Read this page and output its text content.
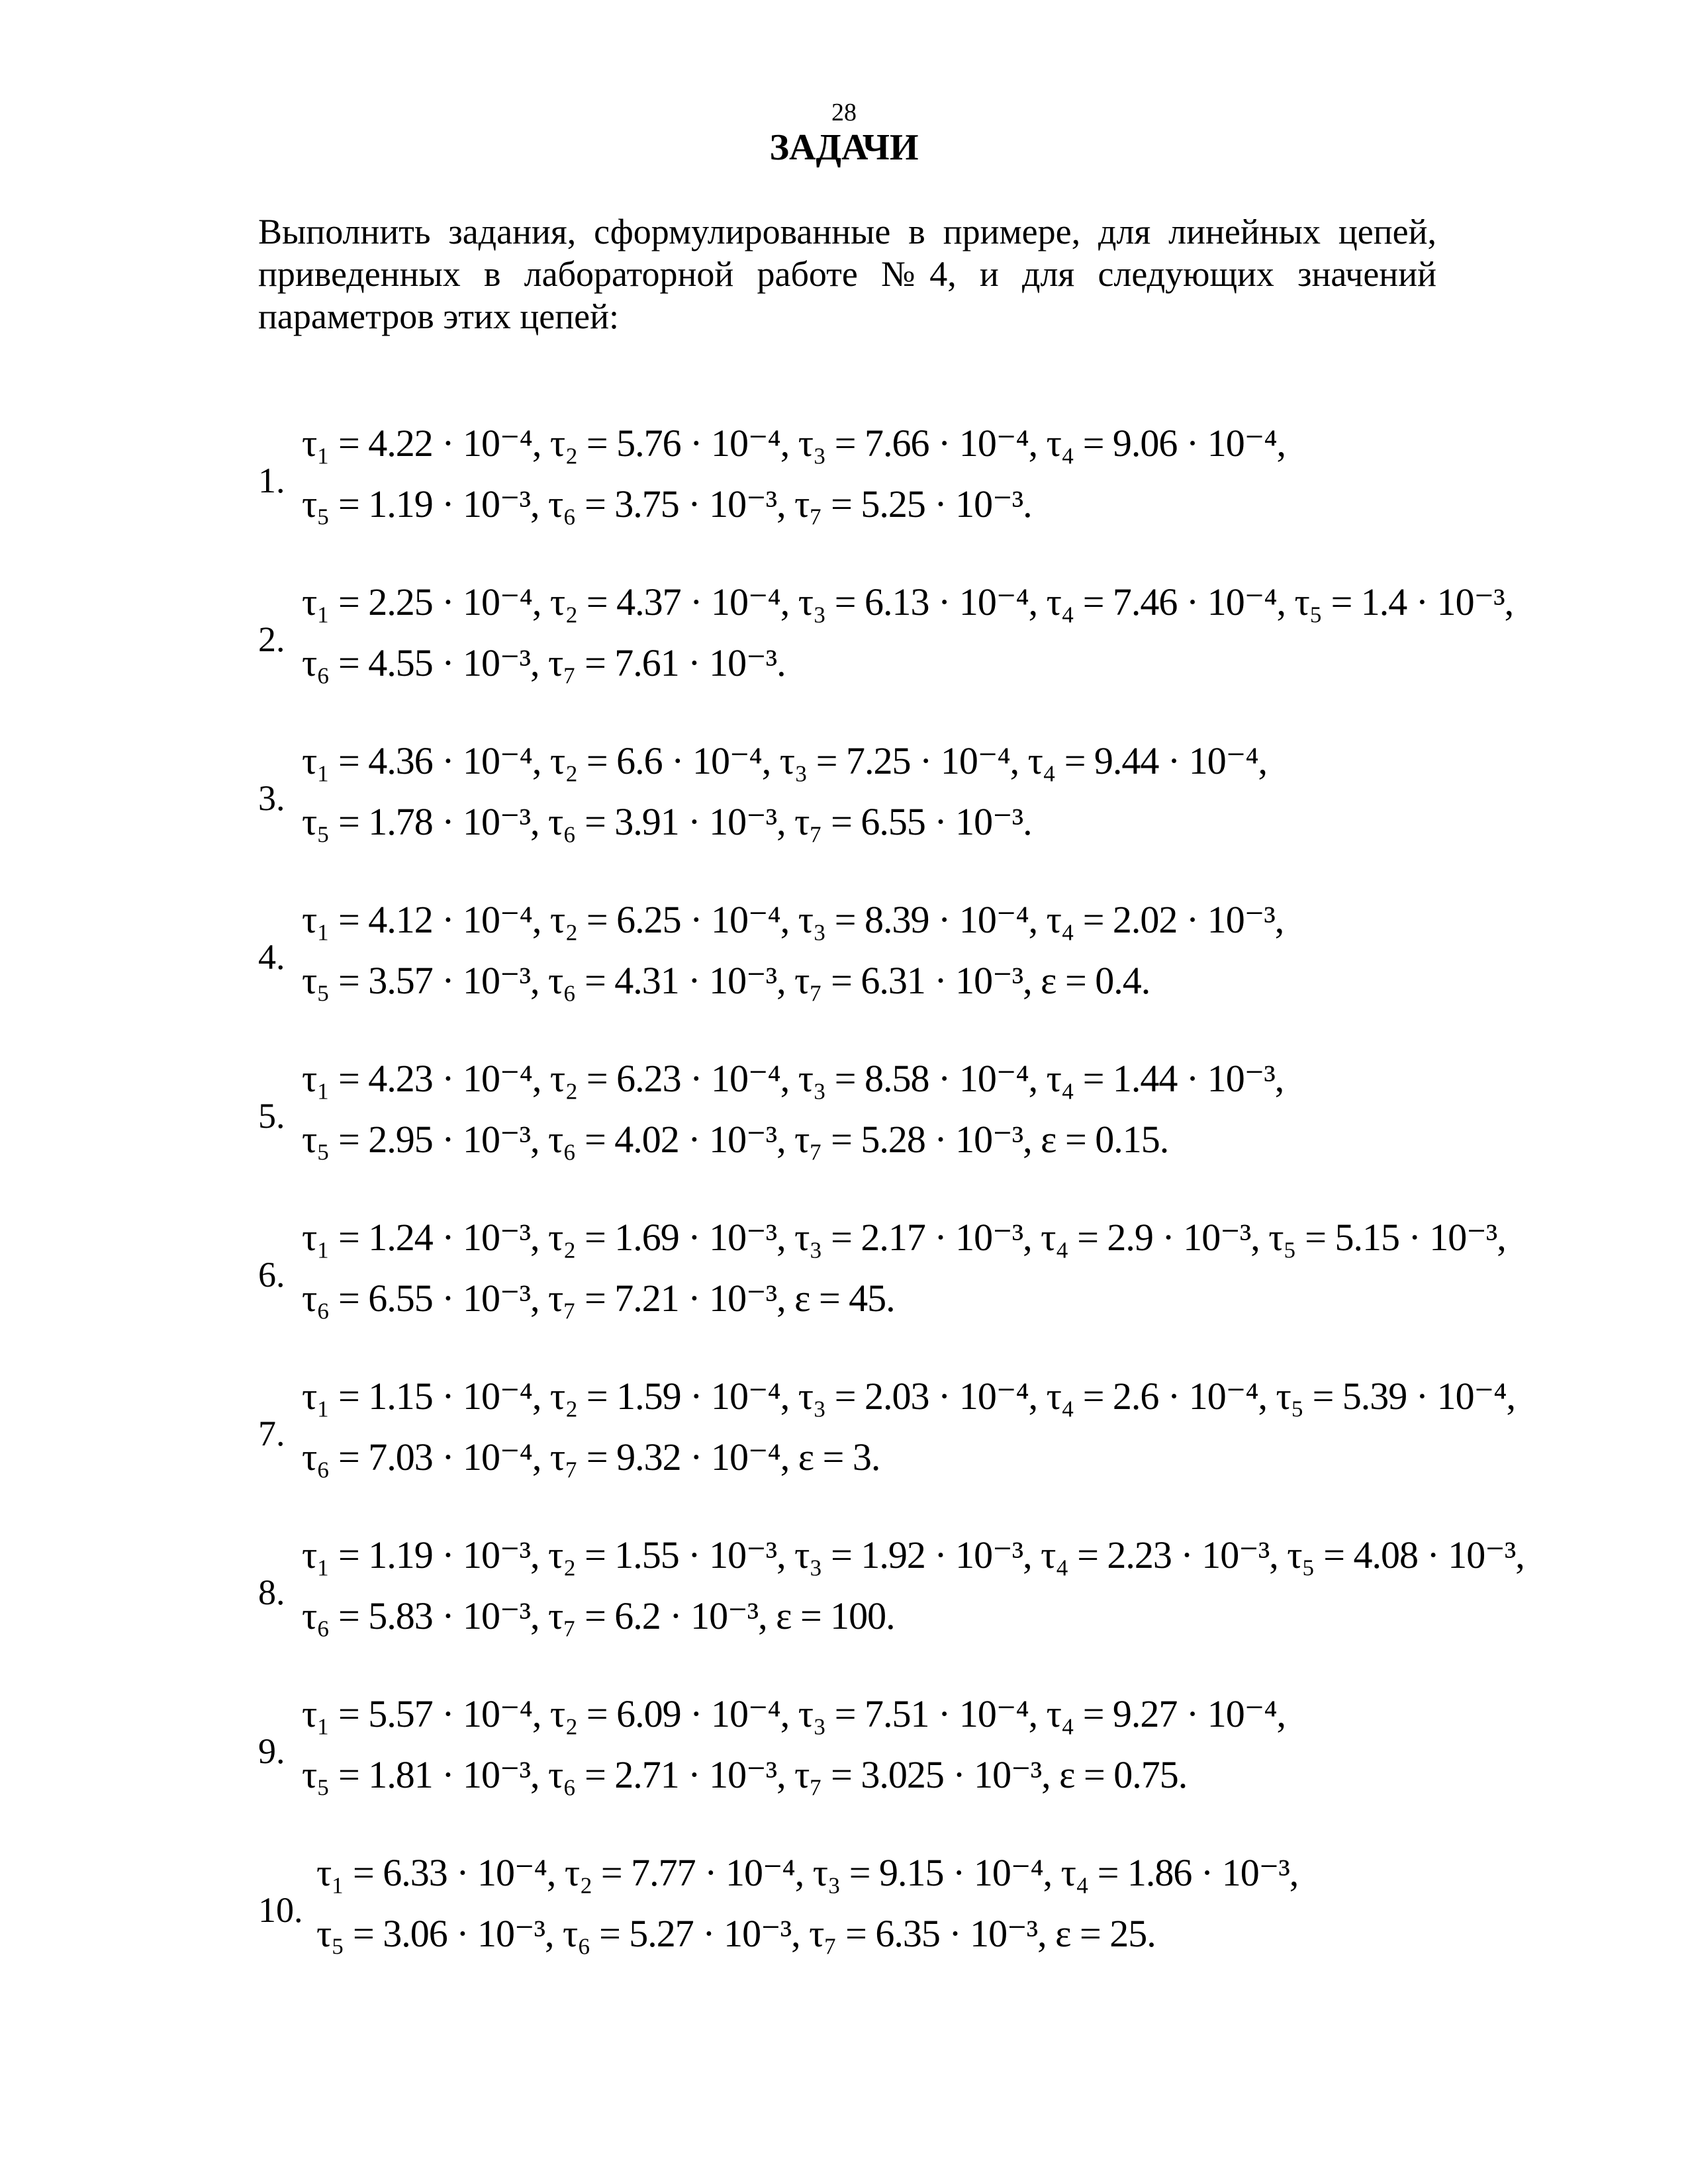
28
ЗАДАЧИ
Выполнить задания, сформулированные в примере, для линейных цепей,
приведенных в лабораторной работе №4, и для следующих значений
параметров этих цепей:
1.
τ₁ = 4.22 · 10⁻⁴, τ₂ = 5.76 · 10⁻⁴, τ₃ = 7.66 · 10⁻⁴, τ₄ = 9.06 · 10⁻⁴,
τ₅ = 1.19 · 10⁻³, τ₆ = 3.75 · 10⁻³, τ₇ = 5.25 · 10⁻³.
2.
τ₁ = 2.25 · 10⁻⁴, τ₂ = 4.37 · 10⁻⁴, τ₃ = 6.13 · 10⁻⁴, τ₄ = 7.46 · 10⁻⁴, τ₅ = 1.4 · 10⁻³,
τ₆ = 4.55 · 10⁻³, τ₇ = 7.61 · 10⁻³.
3.
τ₁ = 4.36 · 10⁻⁴, τ₂ = 6.6 · 10⁻⁴, τ₃ = 7.25 · 10⁻⁴, τ₄ = 9.44 · 10⁻⁴,
τ₅ = 1.78 · 10⁻³, τ₆ = 3.91 · 10⁻³, τ₇ = 6.55 · 10⁻³.
4.
τ₁ = 4.12 · 10⁻⁴, τ₂ = 6.25 · 10⁻⁴, τ₃ = 8.39 · 10⁻⁴, τ₄ = 2.02 · 10⁻³,
τ₅ = 3.57 · 10⁻³, τ₆ = 4.31 · 10⁻³, τ₇ = 6.31 · 10⁻³, ε = 0.4.
5.
τ₁ = 4.23 · 10⁻⁴, τ₂ = 6.23 · 10⁻⁴, τ₃ = 8.58 · 10⁻⁴, τ₄ = 1.44 · 10⁻³,
τ₅ = 2.95 · 10⁻³, τ₆ = 4.02 · 10⁻³, τ₇ = 5.28 · 10⁻³, ε = 0.15.
6.
τ₁ = 1.24 · 10⁻³, τ₂ = 1.69 · 10⁻³, τ₃ = 2.17 · 10⁻³, τ₄ = 2.9 · 10⁻³, τ₅ = 5.15 · 10⁻³,
τ₆ = 6.55 · 10⁻³, τ₇ = 7.21 · 10⁻³, ε = 45.
7.
τ₁ = 1.15 · 10⁻⁴, τ₂ = 1.59 · 10⁻⁴, τ₃ = 2.03 · 10⁻⁴, τ₄ = 2.6 · 10⁻⁴, τ₅ = 5.39 · 10⁻⁴,
τ₆ = 7.03 · 10⁻⁴, τ₇ = 9.32 · 10⁻⁴, ε = 3.
8.
τ₁ = 1.19 · 10⁻³, τ₂ = 1.55 · 10⁻³, τ₃ = 1.92 · 10⁻³, τ₄ = 2.23 · 10⁻³, τ₅ = 4.08 · 10⁻³,
τ₆ = 5.83 · 10⁻³, τ₇ = 6.2 · 10⁻³, ε = 100.
9.
τ₁ = 5.57 · 10⁻⁴, τ₂ = 6.09 · 10⁻⁴, τ₃ = 7.51 · 10⁻⁴, τ₄ = 9.27 · 10⁻⁴,
τ₅ = 1.81 · 10⁻³, τ₆ = 2.71 · 10⁻³, τ₇ = 3.025 · 10⁻³, ε = 0.75.
10.
τ₁ = 6.33 · 10⁻⁴, τ₂ = 7.77 · 10⁻⁴, τ₃ = 9.15 · 10⁻⁴, τ₄ = 1.86 · 10⁻³,
τ₅ = 3.06 · 10⁻³, τ₆ = 5.27 · 10⁻³, τ₇ = 6.35 · 10⁻³, ε = 25.
